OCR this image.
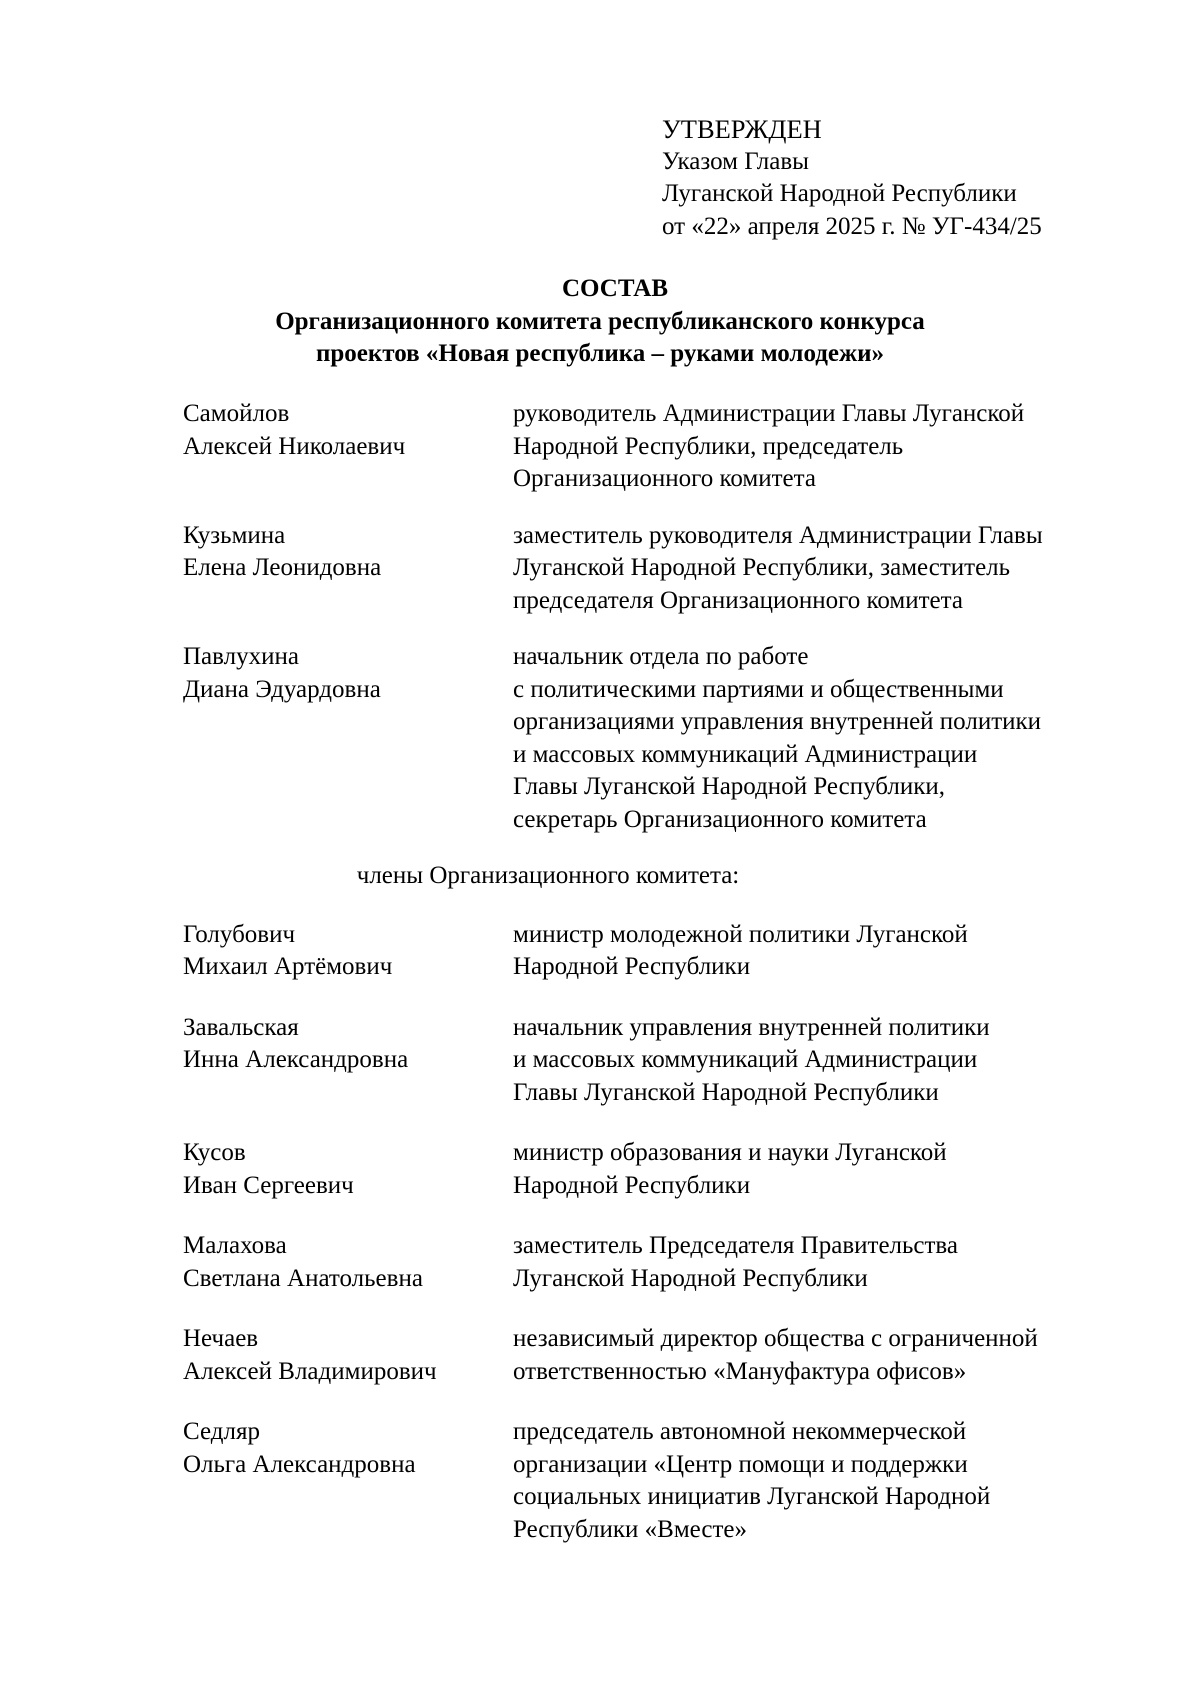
УТВЕРЖДЕН
Указом Главы
Луганской Народной Республики
от «22» апреля 2025 г. № УГ-434/25
СОСТАВ
Организационного комитета республиканского конкурса
проектов «Новая республика – руками молодежи»
Самойлов
Алексей Николаевич
руководитель Администрации Главы Луганской
Народной Республики, председатель
Организационного комитета
Кузьмина
Елена Леонидовна
заместитель руководителя Администрации Главы
Луганской Народной Республики, заместитель
председателя Организационного комитета
Павлухина
Диана Эдуардовна
начальник отдела по работе
с политическими партиями и общественными
организациями управления внутренней политики
и массовых коммуникаций Администрации
Главы Луганской Народной Республики,
секретарь Организационного комитета
члены Организационного комитета:
Голубович
Михаил Артёмович
министр молодежной политики Луганской
Народной Республики
Завальская
Инна Александровна
начальник управления внутренней политики
и массовых коммуникаций Администрации
Главы Луганской Народной Республики
Кусов
Иван Сергеевич
министр образования и науки Луганской
Народной Республики
Малахова
Светлана Анатольевна
заместитель Председателя Правительства
Луганской Народной Республики
Нечаев
Алексей Владимирович
независимый директор общества с ограниченной
ответственностью «Мануфактура офисов»
Седляр
Ольга Александровна
председатель автономной некоммерческой
организации «Центр помощи и поддержки
социальных инициатив Луганской Народной
Республики «Вместе»
